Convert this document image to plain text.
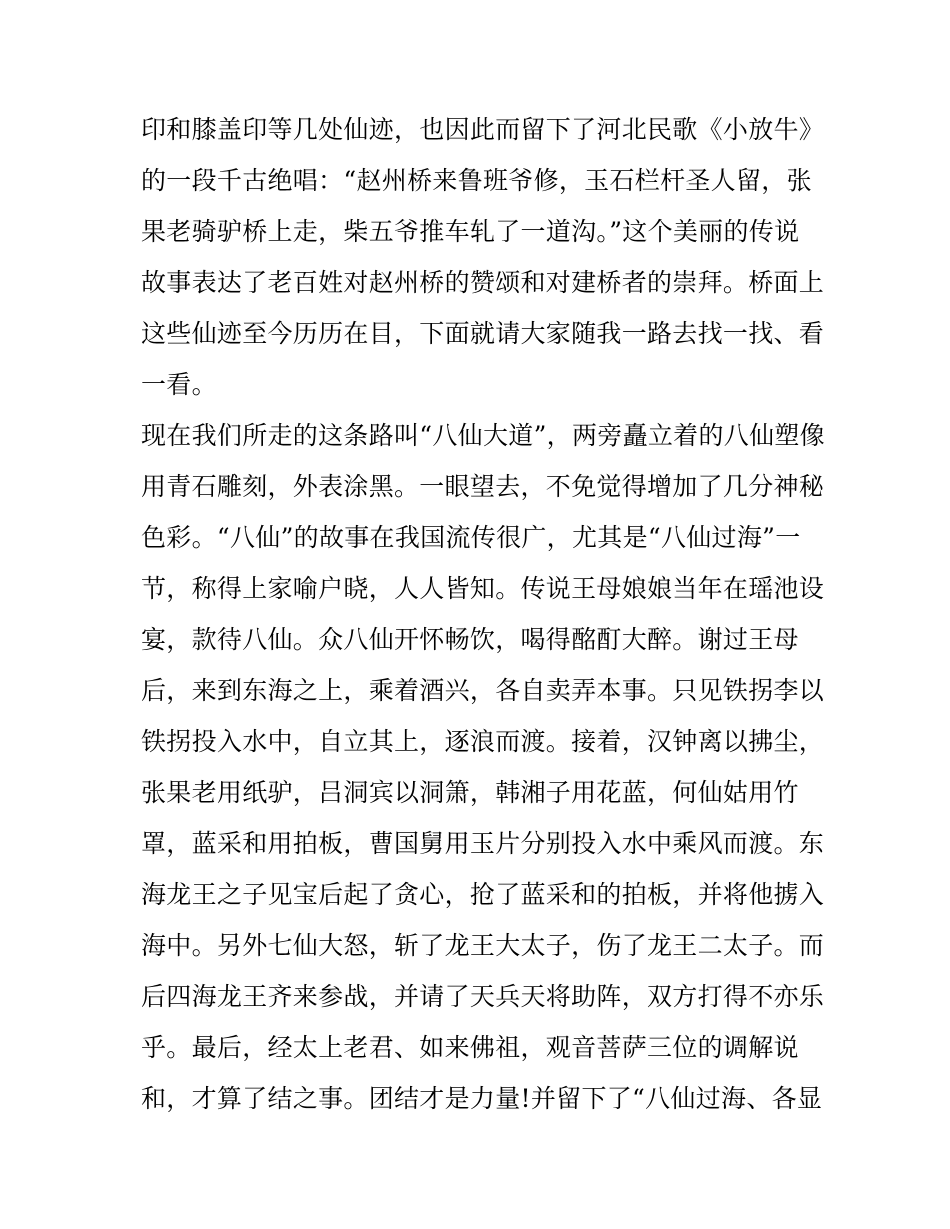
印和膝盖印等几处仙迹，也因此而留下了河北民歌《小放牛》
的一段千古绝唱：“赵州桥来鲁班爷修，玉石栏杆圣人留，张
果老骑驴桥上走，柴五爷推车轧了一道沟。”这个美丽的传说
故事表达了老百姓对赵州桥的赞颂和对建桥者的崇拜。桥面上
这些仙迹至今历历在目，下面就请大家随我一路去找一找、看
一看。
现在我们所走的这条路叫“八仙大道”，两旁矗立着的八仙塑像
用青石雕刻，外表涂黑。一眼望去，不免觉得增加了几分神秘
色彩。“八仙”的故事在我国流传很广，尤其是“八仙过海”一
节，称得上家喻户晓，人人皆知。传说王母娘娘当年在瑶池设
宴，款待八仙。众八仙开怀畅饮，喝得酩酊大醉。谢过王母
后，来到东海之上，乘着酒兴，各自卖弄本事。只见铁拐李以
铁拐投入水中，自立其上，逐浪而渡。接着，汉钟离以拂尘，
张果老用纸驴，吕洞宾以洞箫，韩湘子用花蓝，何仙姑用竹
罩，蓝采和用拍板，曹国舅用玉片分别投入水中乘风而渡。东
海龙王之子见宝后起了贪心，抢了蓝采和的拍板，并将他掳入
海中。另外七仙大怒，斩了龙王大太子，伤了龙王二太子。而
后四海龙王齐来参战，并请了天兵天将助阵，双方打得不亦乐
乎。最后，经太上老君、如来佛祖，观音菩萨三位的调解说
和，才算了结之事。团结才是力量!并留下了“八仙过海、各显
